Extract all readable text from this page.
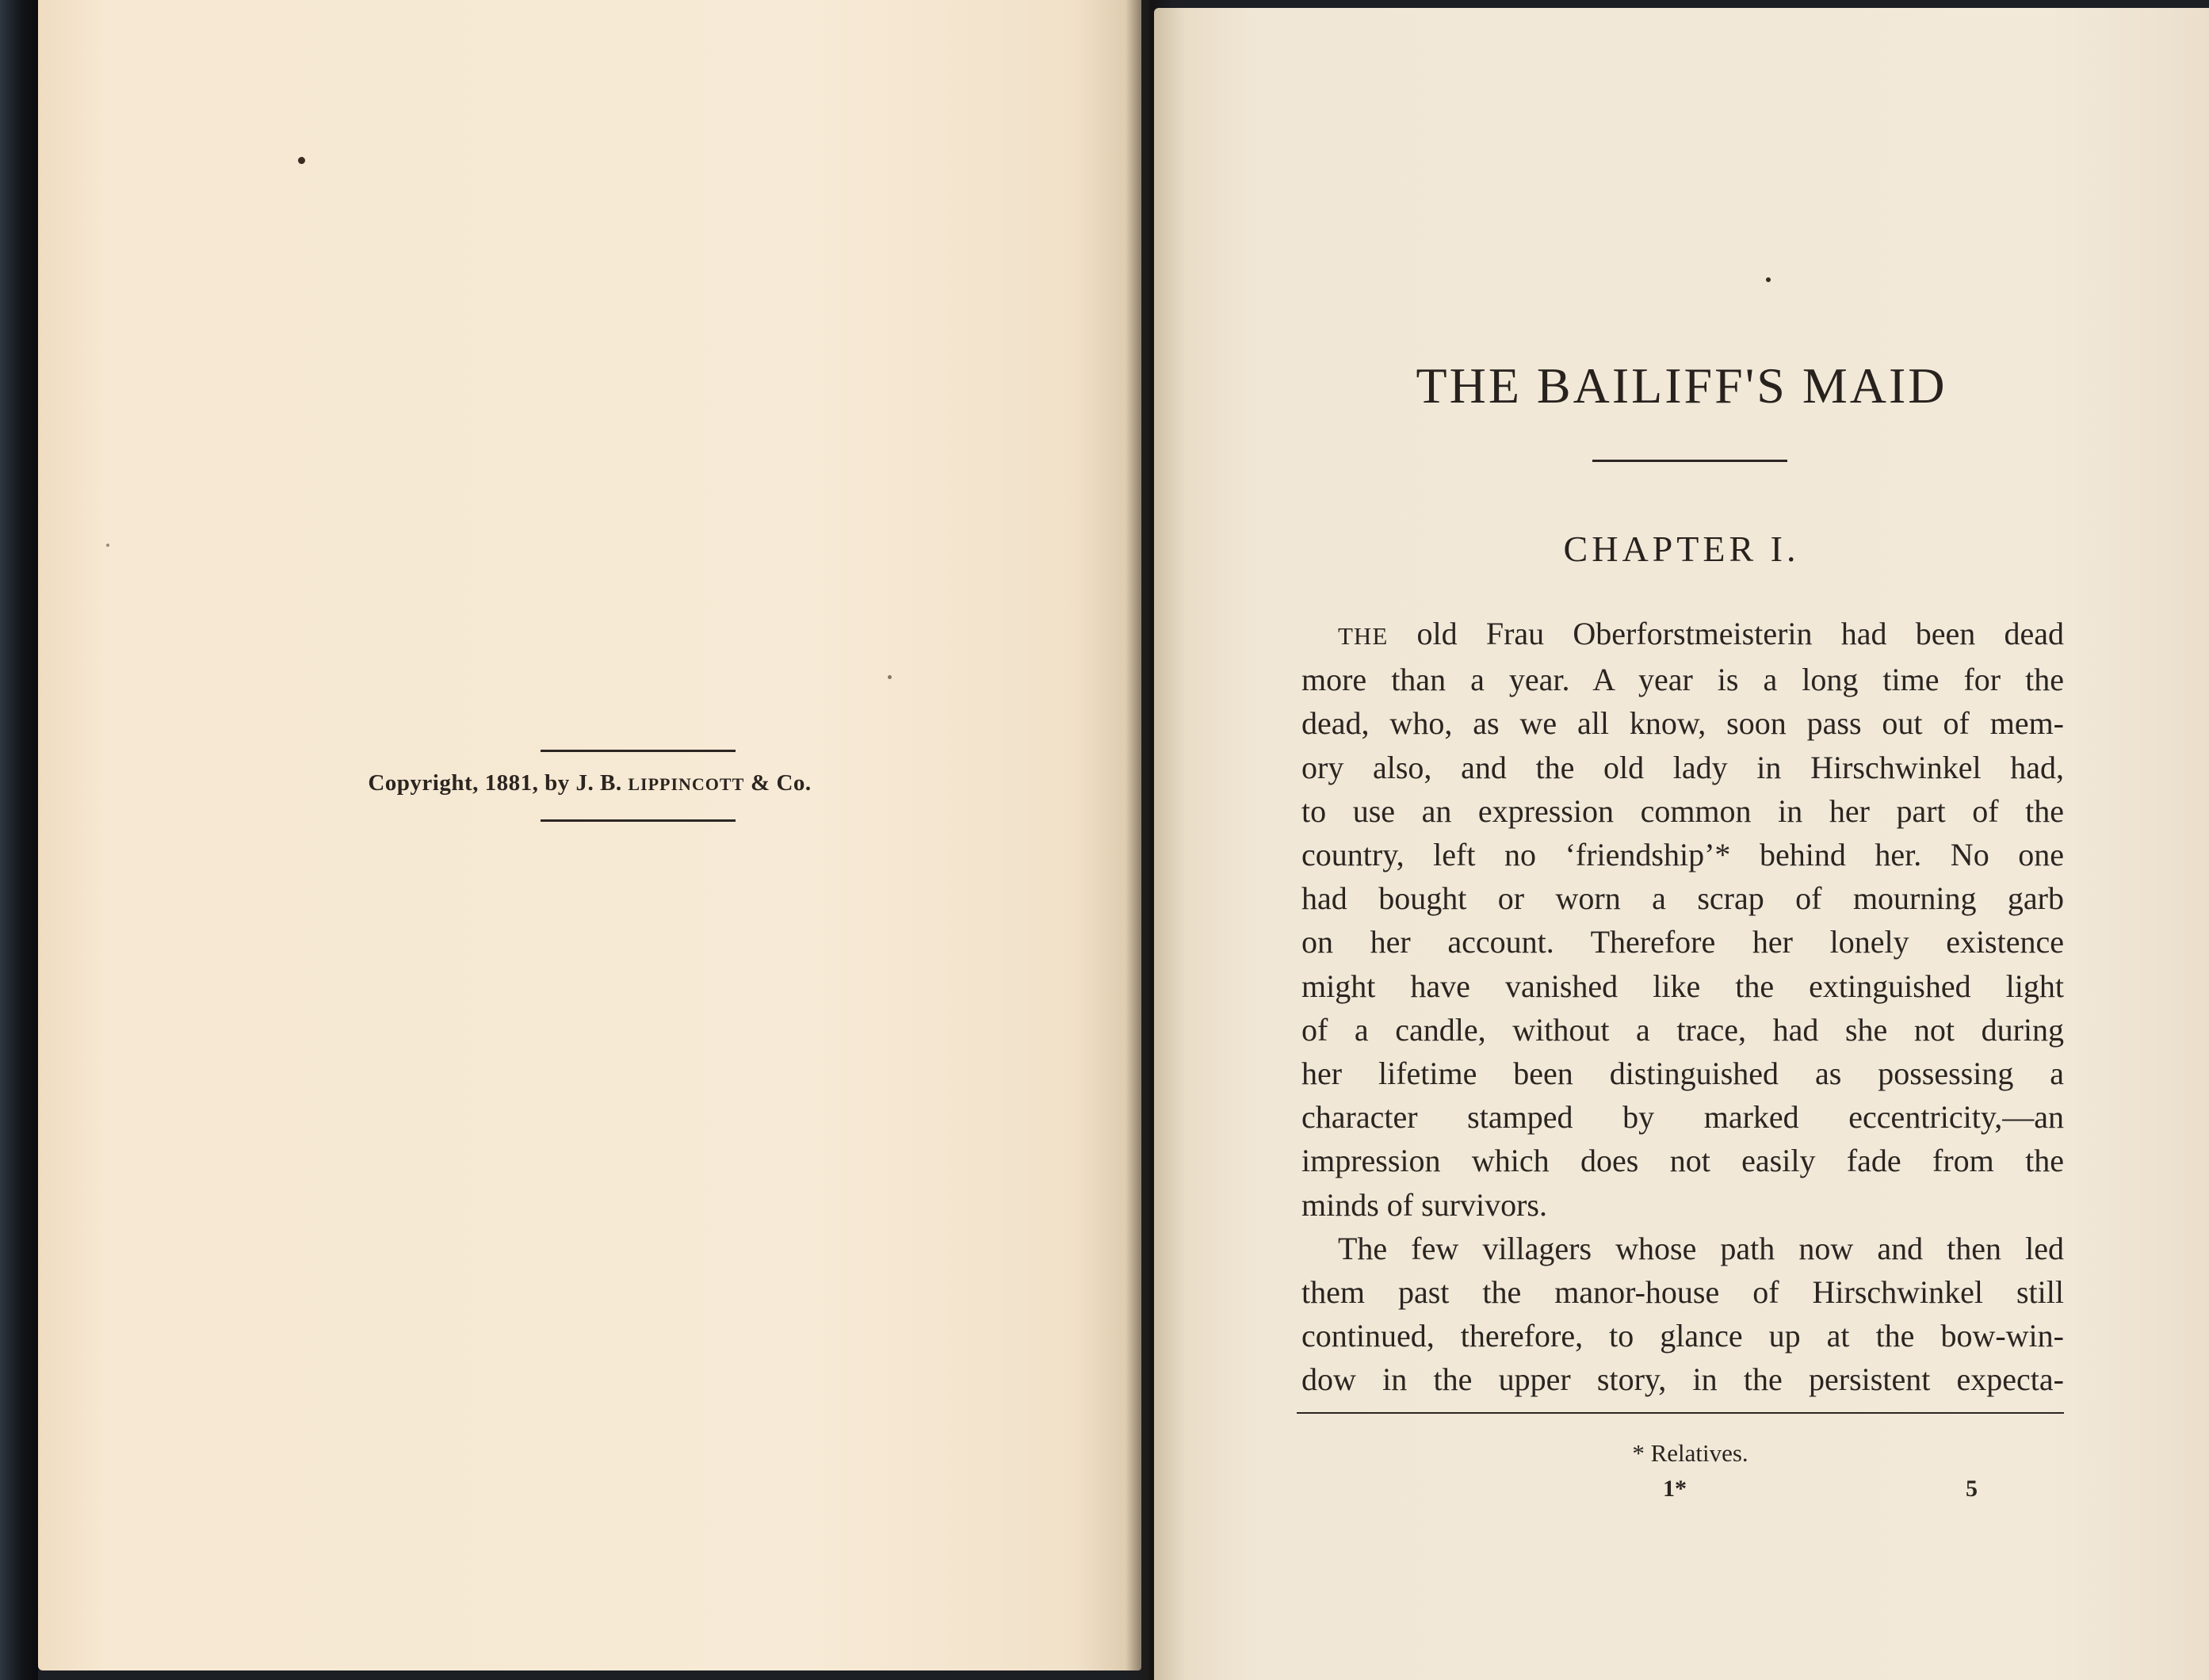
Copyright, 1881, by J. B. LIPPINCOTT & Co.
THE BAILIFF'S MAID
CHAPTER I.

THE old Frau Oberforstmeisterin had been dead
more than a year. A year is a long time for the
dead, who, as we all know, soon pass out of mem-
ory also, and the old lady in Hirschwinkel had,
to use an expression common in her part of the
country, left no ‘friendship’* behind her. No one
had bought or worn a scrap of mourning garb
on her account. Therefore her lonely existence
might have vanished like the extinguished light
of a candle, without a trace, had she not during
her lifetime been distinguished as possessing a
character stamped by marked eccentricity,—an
impression which does not easily fade from the
minds of survivors.

The few villagers whose path now and then led
them past the manor-house of Hirschwinkel still
continued, therefore, to glance up at the bow-win-
dow in the upper story, in the persistent expecta-

* Relatives.
1*	5
